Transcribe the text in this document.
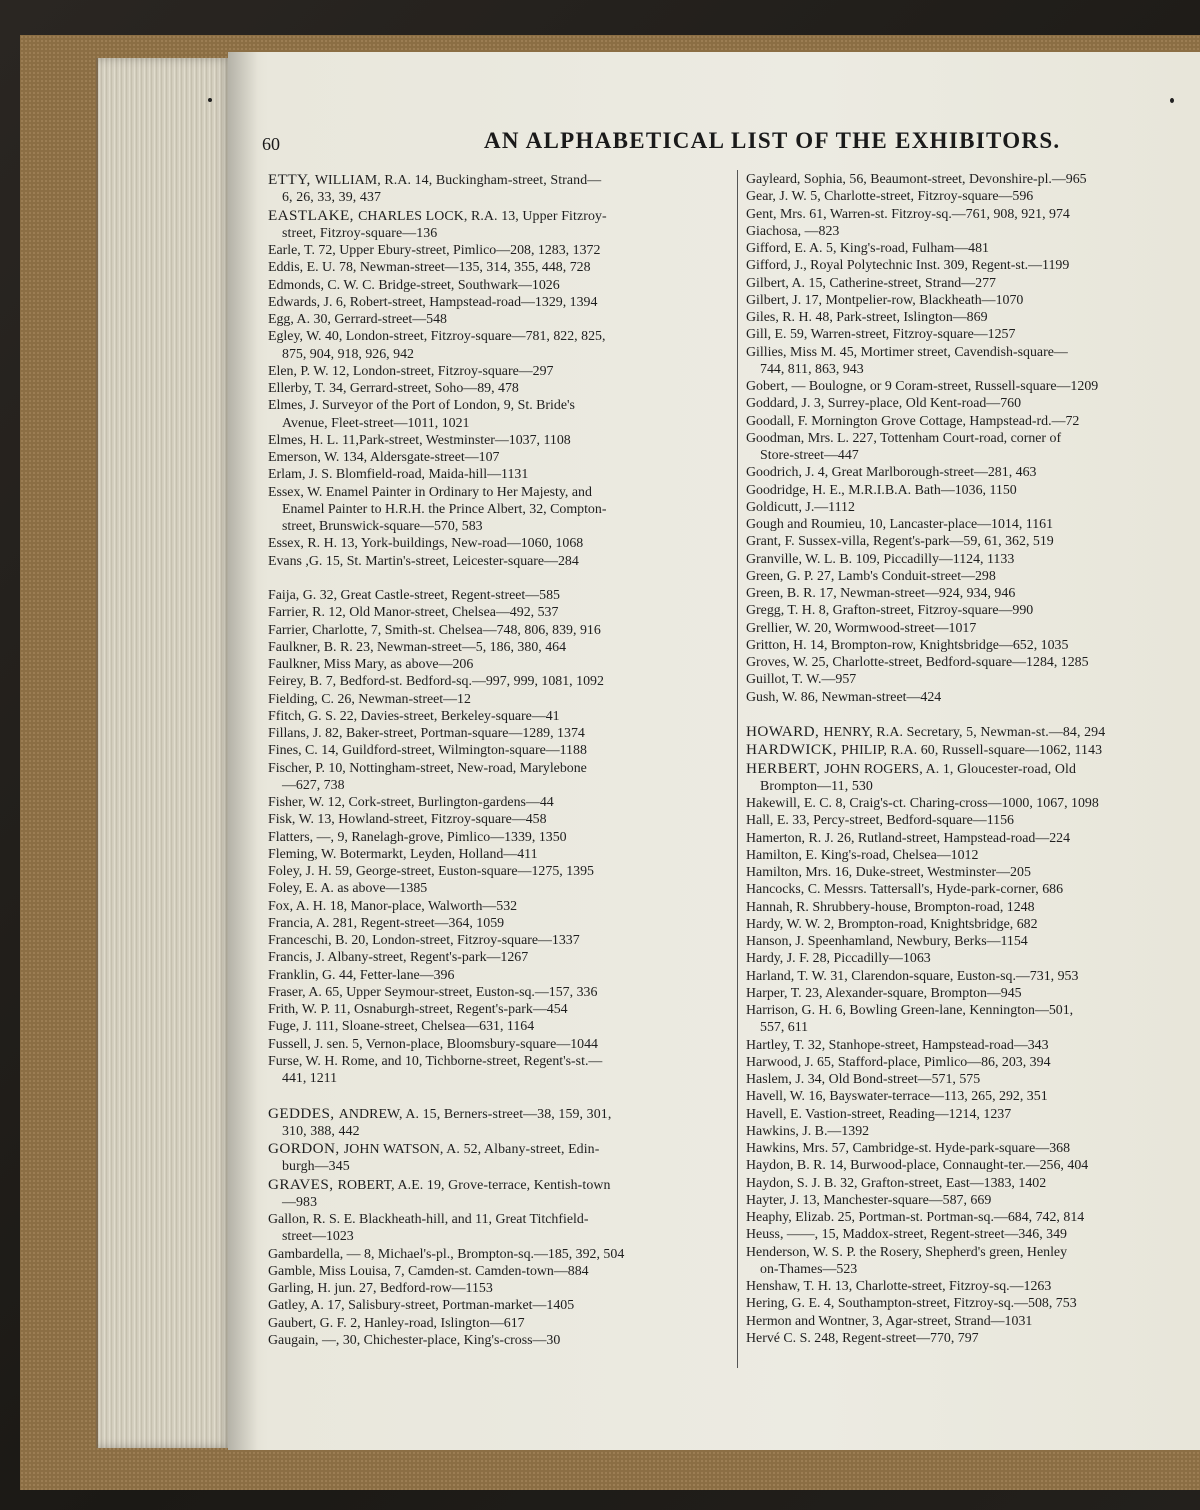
60	AN ALPHABETICAL LIST OF THE EXHIBITORS.
ETTY, WILLIAM, R.A. 14, Buckingham-street, Strand—
6, 26, 33, 39, 437
EASTLAKE, CHARLES LOCK, R.A. 13, Upper Fitzroy-
street, Fitzroy-square—136
Earle, T. 72, Upper Ebury-street, Pimlico—208, 1283, 1372
Eddis, E. U. 78, Newman-street—135, 314, 355, 448, 728
Edmonds, C. W. C. Bridge-street, Southwark—1026
Edwards, J. 6, Robert-street, Hampstead-road—1329, 1394
Egg, A. 30, Gerrard-street—548
Egley, W. 40, London-street, Fitzroy-square—781, 822, 825,
875, 904, 918, 926, 942
Elen, P. W. 12, London-street, Fitzroy-square—297
Ellerby, T. 34, Gerrard-street, Soho—89, 478
Elmes, J. Surveyor of the Port of London, 9, St. Bride's
Avenue, Fleet-street—1011, 1021
Elmes, H. L. 11,Park-street, Westminster—1037, 1108
Emerson, W. 134, Aldersgate-street—107
Erlam, J. S. Blomfield-road, Maida-hill—1131
Essex, W. Enamel Painter in Ordinary to Her Majesty, and
Enamel Painter to H.R.H. the Prince Albert, 32, Compton-
street, Brunswick-square—570, 583
Essex, R. H. 13, York-buildings, New-road—1060, 1068
Evans ,G. 15, St. Martin's-street, Leicester-square—284
Faija, G. 32, Great Castle-street, Regent-street—585
Farrier, R. 12, Old Manor-street, Chelsea—492, 537
Farrier, Charlotte, 7, Smith-st. Chelsea—748, 806, 839, 916
Faulkner, B. R. 23, Newman-street—5, 186, 380, 464
Faulkner, Miss Mary, as above—206
Feirey, B. 7, Bedford-st. Bedford-sq.—997, 999, 1081, 1092
Fielding, C. 26, Newman-street—12
Ffitch, G. S. 22, Davies-street, Berkeley-square—41
Fillans, J. 82, Baker-street, Portman-square—1289, 1374
Fines, C. 14, Guildford-street, Wilmington-square—1188
Fischer, P. 10, Nottingham-street, New-road, Marylebone
—627, 738
Fisher, W. 12, Cork-street, Burlington-gardens—44
Fisk, W. 13, Howland-street, Fitzroy-square—458
Flatters, —, 9, Ranelagh-grove, Pimlico—1339, 1350
Fleming, W. Botermarkt, Leyden, Holland—411
Foley, J. H. 59, George-street, Euston-square—1275, 1395
Foley, E. A. as above—1385
Fox, A. H. 18, Manor-place, Walworth—532
Francia, A. 281, Regent-street—364, 1059
Franceschi, B. 20, London-street, Fitzroy-square—1337
Francis, J. Albany-street, Regent's-park—1267
Franklin, G. 44, Fetter-lane—396
Fraser, A. 65, Upper Seymour-street, Euston-sq.—157, 336
Frith, W. P. 11, Osnaburgh-street, Regent's-park—454
Fuge, J. 111, Sloane-street, Chelsea—631, 1164
Fussell, J. sen. 5, Vernon-place, Bloomsbury-square—1044
Furse, W. H. Rome, and 10, Tichborne-street, Regent's-st.—
441, 1211
GEDDES, ANDREW, A. 15, Berners-street—38, 159, 301,
310, 388, 442
GORDON, JOHN WATSON, A. 52, Albany-street, Edin-
burgh—345
GRAVES, ROBERT, A.E. 19, Grove-terrace, Kentish-town
—983
Gallon, R. S. E. Blackheath-hill, and 11, Great Titchfield-
street—1023
Gambardella, — 8, Michael's-pl., Brompton-sq.—185, 392, 504
Gamble, Miss Louisa, 7, Camden-st. Camden-town—884
Garling, H. jun. 27, Bedford-row—1153
Gatley, A. 17, Salisbury-street, Portman-market—1405
Gaubert, G. F. 2, Hanley-road, Islington—617
Gaugain, —, 30, Chichester-place, King's-cross—30
Gayleard, Sophia, 56, Beaumont-street, Devonshire-pl.—965
Gear, J. W. 5, Charlotte-street, Fitzroy-square—596
Gent, Mrs. 61, Warren-st. Fitzroy-sq.—761, 908, 921, 974
Giachosa, —823
Gifford, E. A. 5, King's-road, Fulham—481
Gifford, J., Royal Polytechnic Inst. 309, Regent-st.—1199
Gilbert, A. 15, Catherine-street, Strand—277
Gilbert, J. 17, Montpelier-row, Blackheath—1070
Giles, R. H. 48, Park-street, Islington—869
Gill, E. 59, Warren-street, Fitzroy-square—1257
Gillies, Miss M. 45, Mortimer street, Cavendish-square—
744, 811, 863, 943
Gobert, — Boulogne, or 9 Coram-street, Russell-square—1209
Goddard, J. 3, Surrey-place, Old Kent-road—760
Goodall, F. Mornington Grove Cottage, Hampstead-rd.—72
Goodman, Mrs. L. 227, Tottenham Court-road, corner of
Store-street—447
Goodrich, J. 4, Great Marlborough-street—281, 463
Goodridge, H. E., M.R.I.B.A. Bath—1036, 1150
Goldicutt, J.—1112
Gough and Roumieu, 10, Lancaster-place—1014, 1161
Grant, F. Sussex-villa, Regent's-park—59, 61, 362, 519
Granville, W. L. B. 109, Piccadilly—1124, 1133
Green, G. P. 27, Lamb's Conduit-street—298
Green, B. R. 17, Newman-street—924, 934, 946
Gregg, T. H. 8, Grafton-street, Fitzroy-square—990
Grellier, W. 20, Wormwood-street—1017
Gritton, H. 14, Brompton-row, Knightsbridge—652, 1035
Groves, W. 25, Charlotte-street, Bedford-square—1284, 1285
Guillot, T. W.—957
Gush, W. 86, Newman-street—424
HOWARD, HENRY, R.A. Secretary, 5, Newman-st.—84, 294
HARDWICK, PHILIP, R.A. 60, Russell-square—1062, 1143
HERBERT, JOHN ROGERS, A. 1, Gloucester-road, Old
Brompton—11, 530
Hakewill, E. C. 8, Craig's-ct. Charing-cross—1000, 1067, 1098
Hall, E. 33, Percy-street, Bedford-square—1156
Hamerton, R. J. 26, Rutland-street, Hampstead-road—224
Hamilton, E. King's-road, Chelsea—1012
Hamilton, Mrs. 16, Duke-street, Westminster—205
Hancocks, C. Messrs. Tattersall's, Hyde-park-corner, 686
Hannah, R. Shrubbery-house, Brompton-road, 1248
Hardy, W. W. 2, Brompton-road, Knightsbridge, 682
Hanson, J. Speenhamland, Newbury, Berks—1154
Hardy, J. F. 28, Piccadilly—1063
Harland, T. W. 31, Clarendon-square, Euston-sq.—731, 953
Harper, T. 23, Alexander-square, Brompton—945
Harrison, G. H. 6, Bowling Green-lane, Kennington—501,
557, 611
Hartley, T. 32, Stanhope-street, Hampstead-road—343
Harwood, J. 65, Stafford-place, Pimlico—86, 203, 394
Haslem, J. 34, Old Bond-street—571, 575
Havell, W. 16, Bayswater-terrace—113, 265, 292, 351
Havell, E. Vastion-street, Reading—1214, 1237
Hawkins, J. B.—1392
Hawkins, Mrs. 57, Cambridge-st. Hyde-park-square—368
Haydon, B. R. 14, Burwood-place, Connaught-ter.—256, 404
Haydon, S. J. B. 32, Grafton-street, East—1383, 1402
Hayter, J. 13, Manchester-square—587, 669
Heaphy, Elizab. 25, Portman-st. Portman-sq.—684, 742, 814
Heuss, ——, 15, Maddox-street, Regent-street—346, 349
Henderson, W. S. P. the Rosery, Shepherd's green, Henley
on-Thames—523
Henshaw, T. H. 13, Charlotte-street, Fitzroy-sq.—1263
Hering, G. E. 4, Southampton-street, Fitzroy-sq.—508, 753
Hermon and Wontner, 3, Agar-street, Strand—1031
Hervé C. S. 248, Regent-street—770, 797
